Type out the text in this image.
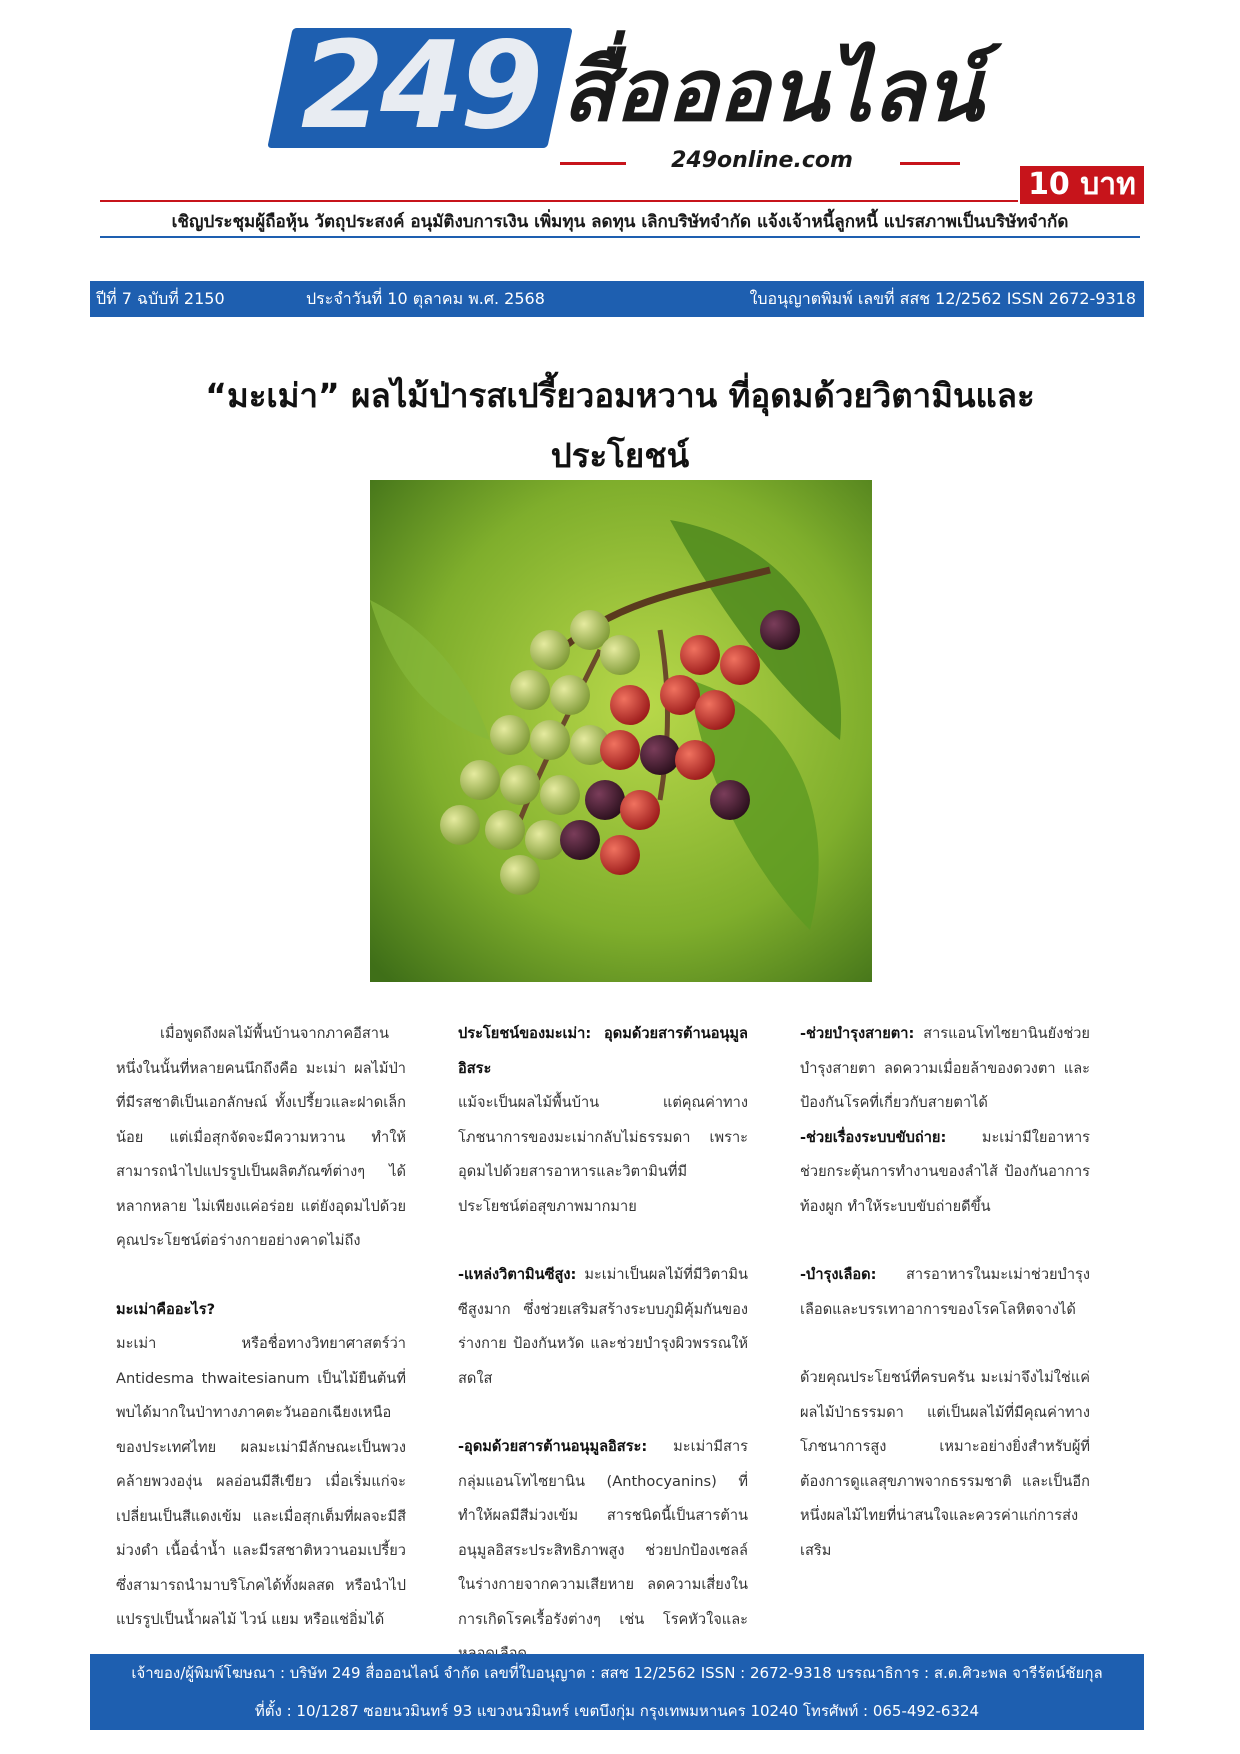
249 สื่อออนไลน์
249online.com
10 บาท
เชิญประชุมผู้ถือหุ้น วัตถุประสงค์ อนุมัติงบการเงิน เพิ่มทุน ลดทุน เลิกบริษัทจำกัด แจ้งเจ้าหนี้ลูกหนี้ แปรสภาพเป็นบริษัทจำกัด
ปีที่ 7 ฉบับที่ 2150	ประจำวันที่ 10 ตุลาคม พ.ศ. 2568	ใบอนุญาตพิมพ์ เลขที่ สสช 12/2562 ISSN 2672-9318
“มะเม่า” ผลไม้ป่ารสเปรี้ยวอมหวาน ที่อุดมด้วยวิตามินและ
ประโยชน์

เมื่อพูดถึงผลไม้พื้นบ้านจากภาคอีสาน หนึ่งในนั้นที่หลายคนนึกถึงคือ มะเม่า ผลไม้ป่าที่มีรสชาติเป็นเอกลักษณ์ ทั้งเปรี้ยวและฝาดเล็กน้อย แต่เมื่อสุกจัดจะมีความหวาน ทำให้สามารถนำไปแปรรูปเป็นผลิตภัณฑ์ต่างๆ ได้หลากหลาย ไม่เพียงแค่อร่อย แต่ยังอุดมไปด้วยคุณประโยชน์ต่อร่างกายอย่างคาดไม่ถึง

มะเม่าคืออะไร?

มะเม่า หรือชื่อทางวิทยาศาสตร์ว่า Antidesma thwaitesianum เป็นไม้ยืนต้นที่พบได้มากในป่าทางภาคตะวันออกเฉียงเหนือของประเทศไทย ผลมะเม่ามีลักษณะเป็นพวงคล้ายพวงองุ่น ผลอ่อนมีสีเขียว เมื่อเริ่มแก่จะเปลี่ยนเป็นสีแดงเข้ม และเมื่อสุกเต็มที่ผลจะมีสีม่วงดำ เนื้อฉ่ำน้ำ และมีรสชาติหวานอมเปรี้ยว ซึ่งสามารถนำมาบริโภคได้ทั้งผลสด หรือนำไปแปรรูปเป็นน้ำผลไม้ ไวน์ แยม หรือแช่อิ่มได้

ประโยชน์ของมะเม่า: อุดมด้วยสารต้านอนุมูลอิสระ

แม้จะเป็นผลไม้พื้นบ้าน แต่คุณค่าทางโภชนาการของมะเม่ากลับไม่ธรรมดา เพราะอุดมไปด้วยสารอาหารและวิตามินที่มีประโยชน์ต่อสุขภาพมากมาย

-แหล่งวิตามินซีสูง: มะเม่าเป็นผลไม้ที่มีวิตามินซีสูงมาก ซึ่งช่วยเสริมสร้างระบบภูมิคุ้มกันของร่างกาย ป้องกันหวัด และช่วยบำรุงผิวพรรณให้สดใส

-อุดมด้วยสารต้านอนุมูลอิสระ: มะเม่ามีสารกลุ่มแอนโทไซยานิน (Anthocyanins) ที่ทำให้ผลมีสีม่วงเข้ม สารชนิดนี้เป็นสารต้านอนุมูลอิสระประสิทธิภาพสูง ช่วยปกป้องเซลล์ในร่างกายจากความเสียหาย ลดความเสี่ยงในการเกิดโรคเรื้อรังต่างๆ เช่น โรคหัวใจและ

-ช่วยบำรุงสายตา: สารแอนโทไซยานินยังช่วยบำรุงสายตา ลดความเมื่อยล้าของดวงตา และป้องกันโรคที่เกี่ยวกับสายตาได้

-ช่วยเรื่องระบบขับถ่าย: มะเม่ามีใยอาหาร ช่วยกระตุ้นการทำงานของลำไส้ ป้องกันอาการท้องผูก ทำให้ระบบขับถ่ายดีขึ้น

-บำรุงเลือด: สารอาหารในมะเม่าช่วยบำรุงเลือดและบรรเทาอาการของโรคโลหิตจางได้

ด้วยคุณประโยชน์ที่ครบครัน มะเม่าจึงไม่ใช่แค่ผลไม้ป่าธรรมดา แต่เป็นผลไม้ที่มีคุณค่าทางโภชนาการสูง เหมาะอย่างยิ่งสำหรับผู้ที่ต้องการดูแลสุขภาพจากธรรมชาติ และเป็นอีกหนึ่งผลไม้ไทยที่น่าสนใจและควรค่าแก่การส่งเสริม

เจ้าของ/ผู้พิมพ์โฆษณา : บริษัท 249 สื่อออนไลน์ จำกัด เลขที่ใบอนุญาต : สสช 12/2562 ISSN : 2672-9318 บรรณาธิการ : ส.ต.ศิวะพล จารีรัตน์ชัยกุล
ที่ตั้ง : 10/1287 ซอยนวมินทร์ 93 แขวงนวมินทร์ เขตบึงกุ่ม กรุงเทพมหานคร 10240 โทรศัพท์ : 065-492-6324
